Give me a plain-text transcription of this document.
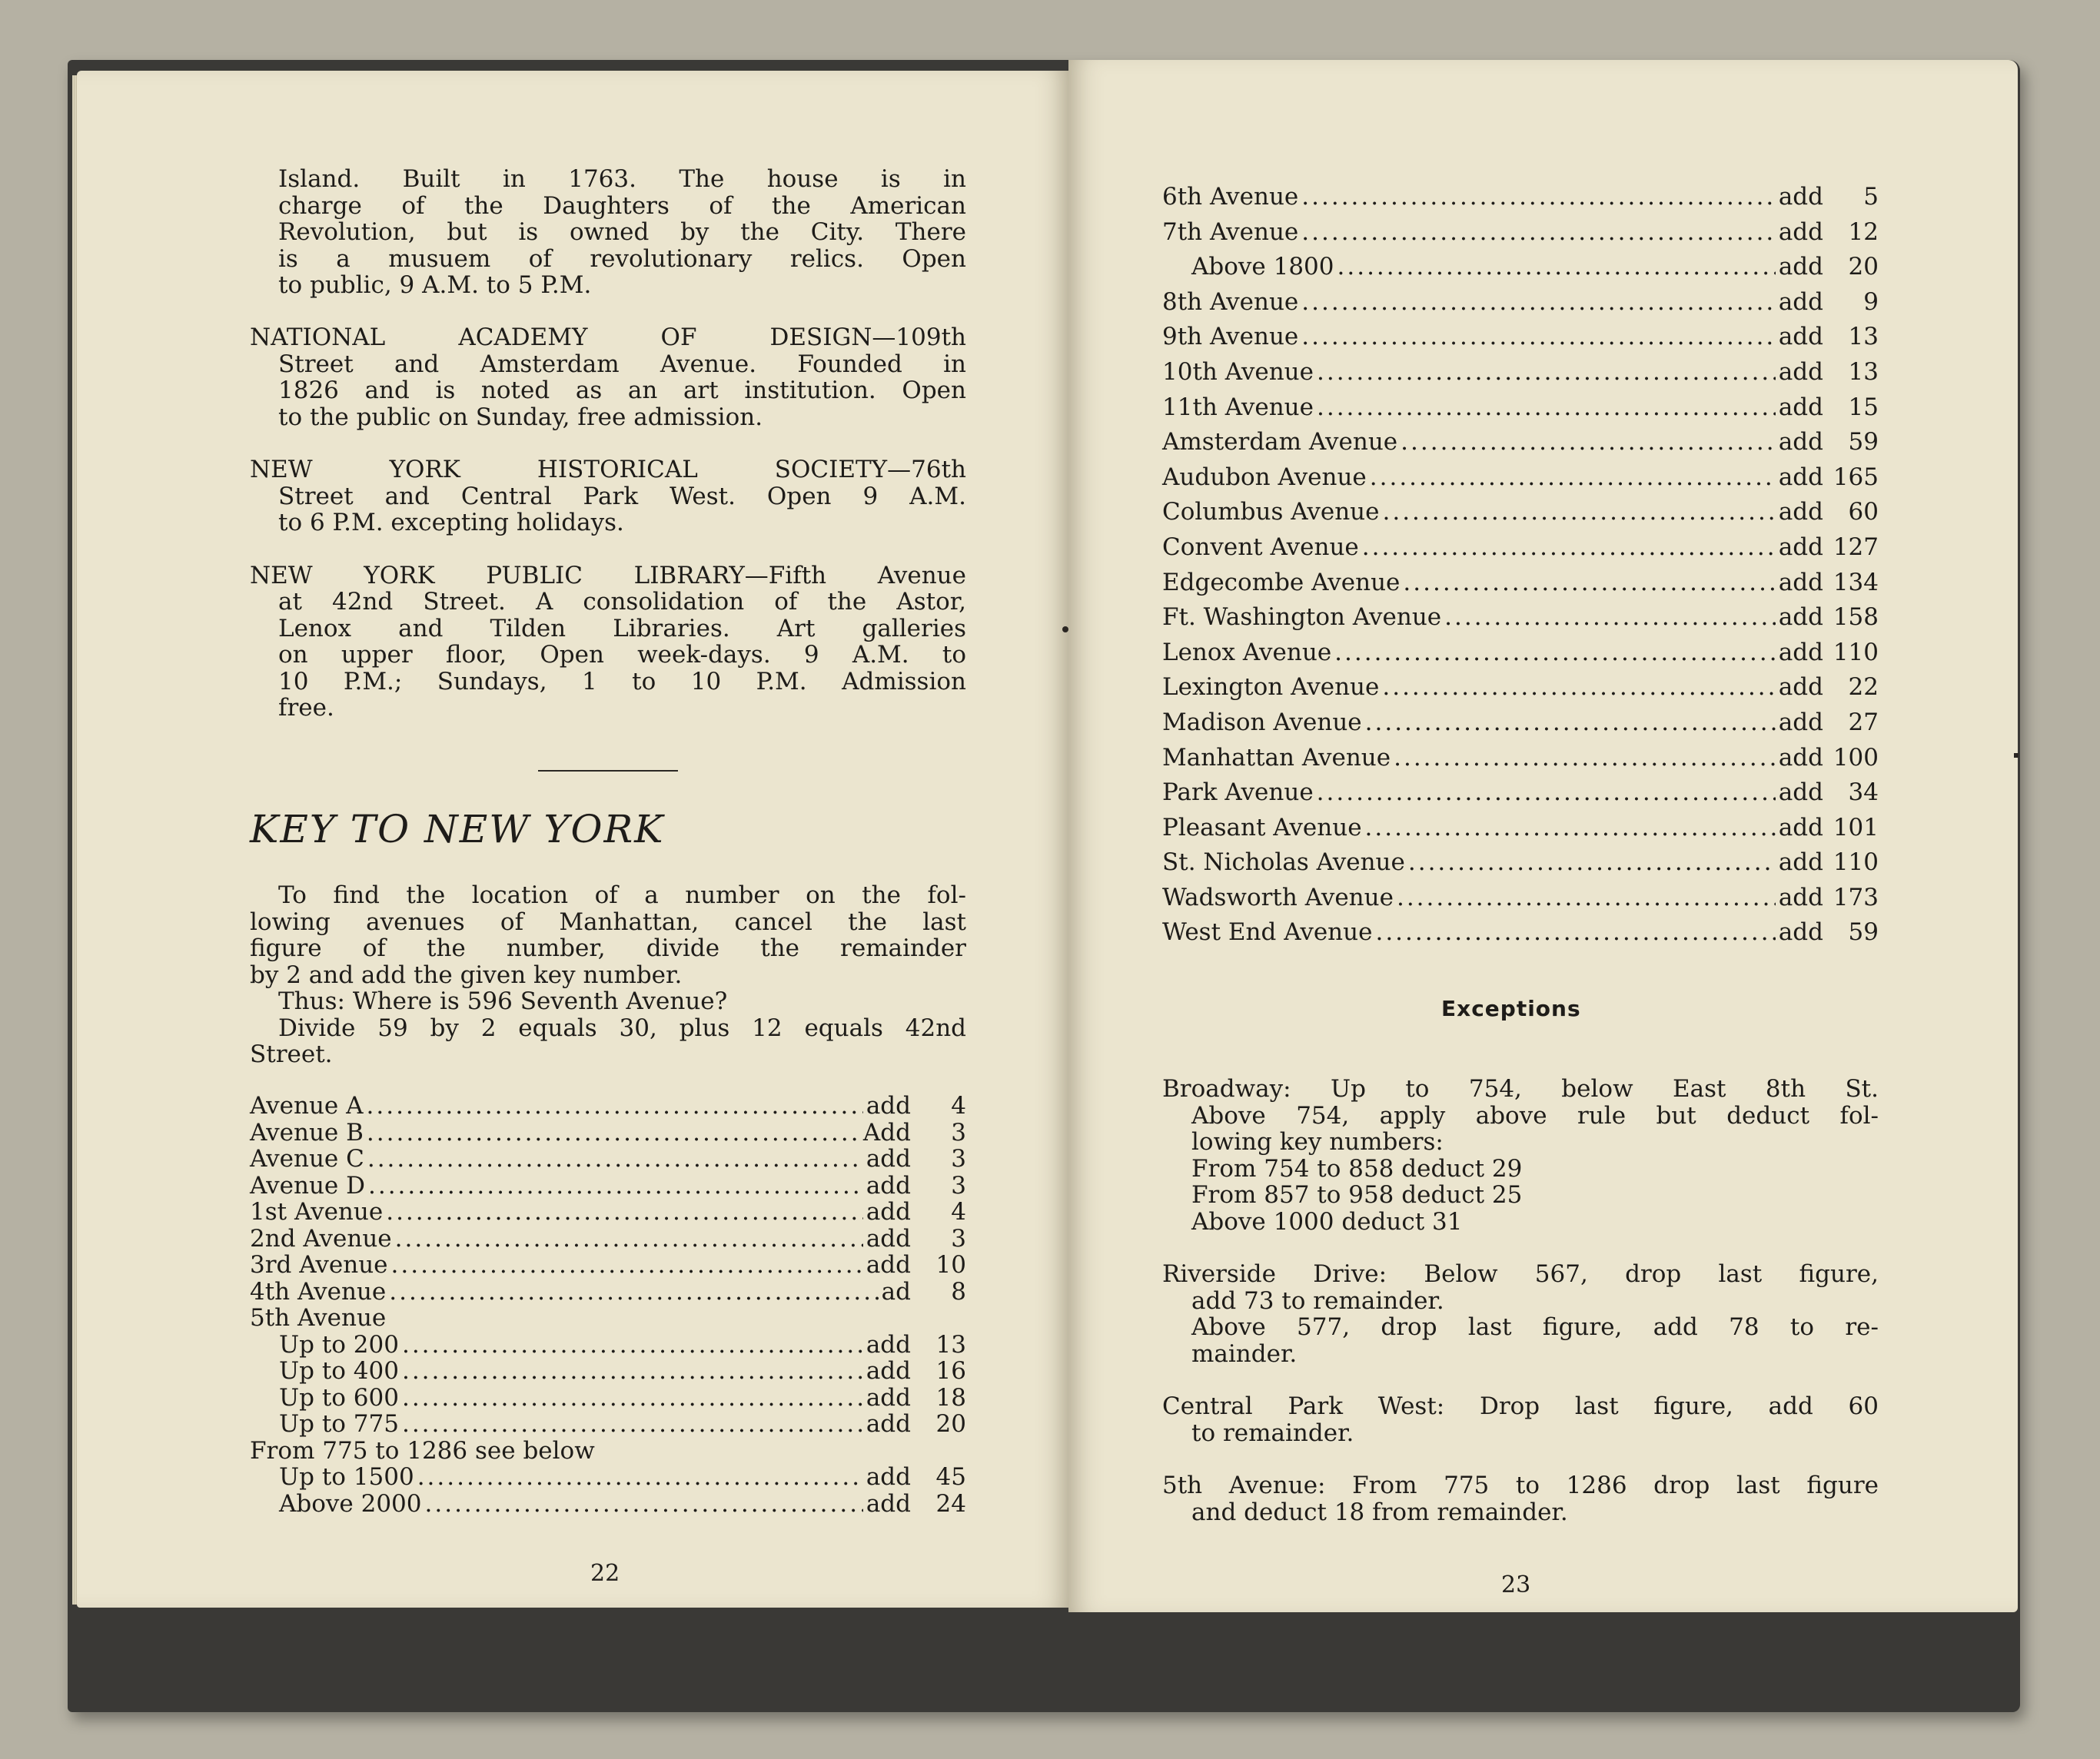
Island. Built in 1763. The house is in
charge of the Daughters of the American
Revolution, but is owned by the City. There
is a musuem of revolutionary relics. Open
to public, 9 A.M. to 5 P.M.
NATIONAL ACADEMY OF DESIGN—109th
Street and Amsterdam Avenue. Founded in
1826 and is noted as an art institution. Open
to the public on Sunday, free admission.
NEW YORK HISTORICAL SOCIETY—76th
Street and Central Park West. Open 9 A.M.
to 6 P.M. excepting holidays.
NEW YORK PUBLIC LIBRARY—Fifth Avenue
at 42nd Street. A consolidation of the Astor,
Lenox and Tilden Libraries. Art galleries
on upper floor, Open week-days. 9 A.M. to
10 P.M.; Sundays, 1 to 10 P.M. Admission
free.
KEY TO NEW YORK
To find the location of a number on the fol-
lowing avenues of Manhattan, cancel the last
figure of the number, divide the remainder
by 2 and add the given key number.
Thus: Where is 596 Seventh Avenue?
Divide 59 by 2 equals 30, plus 12 equals 42nd
Street.
Avenue A .....	add	4
Avenue B .....	Add	3
Avenue C .....	add	3
Avenue D .....	add	3
1st Avenue .....	add	4
2nd Avenue .....	add	3
3rd Avenue .....	add	10
4th Avenue .....	ad	8
5th Avenue
Up to 200 .....	add	13
Up to 400 .....	add	16
Up to 600 .....	add	18
Up to 775 .....	add	20
From 775 to 1286 see below
Up to 1500 .....	add	45
Above 2000 .....	add	24
22
6th Avenue .....	add	5
7th Avenue .....	add	12
Above 1800 .....	add	20
8th Avenue .....	add	9
9th Avenue .....	add	13
10th Avenue .....	add	13
11th Avenue .....	add	15
Amsterdam Avenue .....	add	59
Audubon Avenue .....	add 165
Columbus Avenue .....	add	60
Convent Avenue .....	add 127
Edgecombe Avenue .....	add 134
Ft. Washington Avenue .....	add 158
Lenox Avenue .....	add 110
Lexington Avenue .....	add	22
Madison Avenue .....	add	27
Manhattan Avenue .....	add 100
Park Avenue .....	add	34
Pleasant Avenue .....	add 101
St. Nicholas Avenue .....	add 110
Wadsworth Avenue .....	add 173
West End Avenue .....	add	59
Exceptions
Broadway: Up to 754, below East 8th St.
Above 754, apply above rule but deduct fol-
lowing key numbers:
From 754 to 858 deduct 29
From 857 to 958 deduct 25
Above 1000 deduct 31
Riverside Drive: Below 567, drop last figure,
add 73 to remainder.
Above 577, drop last figure, add 78 to re-
mainder.
Central Park West: Drop last figure, add 60
to remainder.
5th Avenue: From 775 to 1286 drop last figure
and deduct 18 from remainder.
23
